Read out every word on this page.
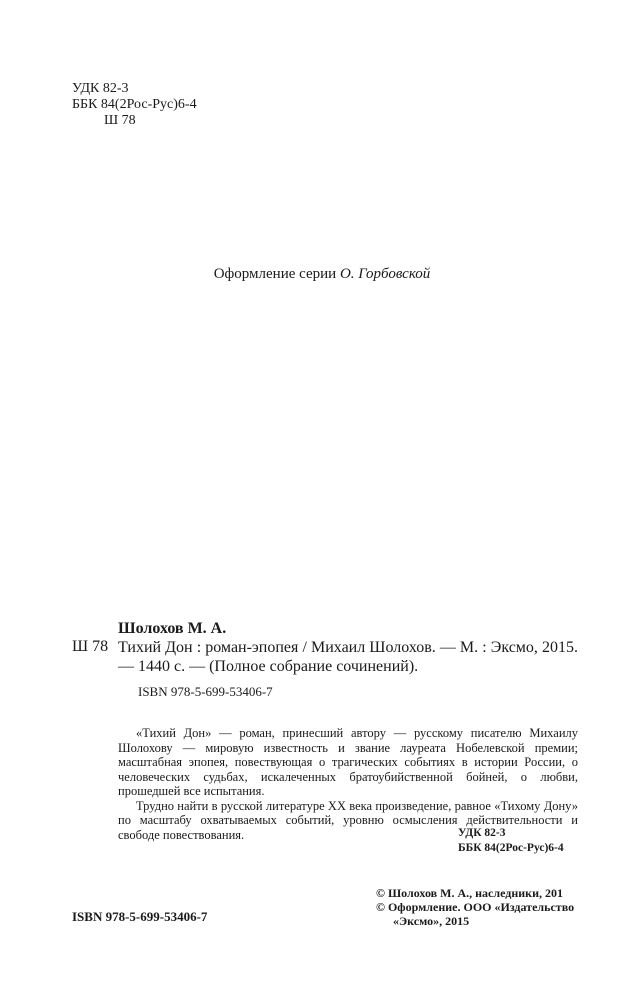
УДК 82-3
ББК 84(2Рос-Рус)6-4
Ш 78
Оформление серии О. Горбовской
Шолохов М. А.
Ш 78 Тихий Дон : роман-эпопея / Михаил Шолохов. — М. : Эксмо, 2015. — 1440 с. — (Полное собрание сочинений).
ISBN 978-5-699-53406-7

«Тихий Дон» — роман, принесший автору — русскому писателю Михаилу Шолохову — мировую известность и звание лауреата Нобелевской премии; масштабная эпопея, повествующая о трагических событиях в истории России, о человеческих судьбах, искалеченных братоубийственной бойней, о любви, прошедшей все испытания.

Трудно найти в русской литературе XX века произведение, равное «Тихому Дону» по масштабу охватываемых событий, уровню осмысления действительности и свободе повествования.	УДК 82-3
ББК 84(2Рос-Рус)6-4
© Шолохов М. А., наследники, 201
© Оформление. ООО «Издательство
«Эксмо», 2015
ISBN 978-5-699-53406-7
